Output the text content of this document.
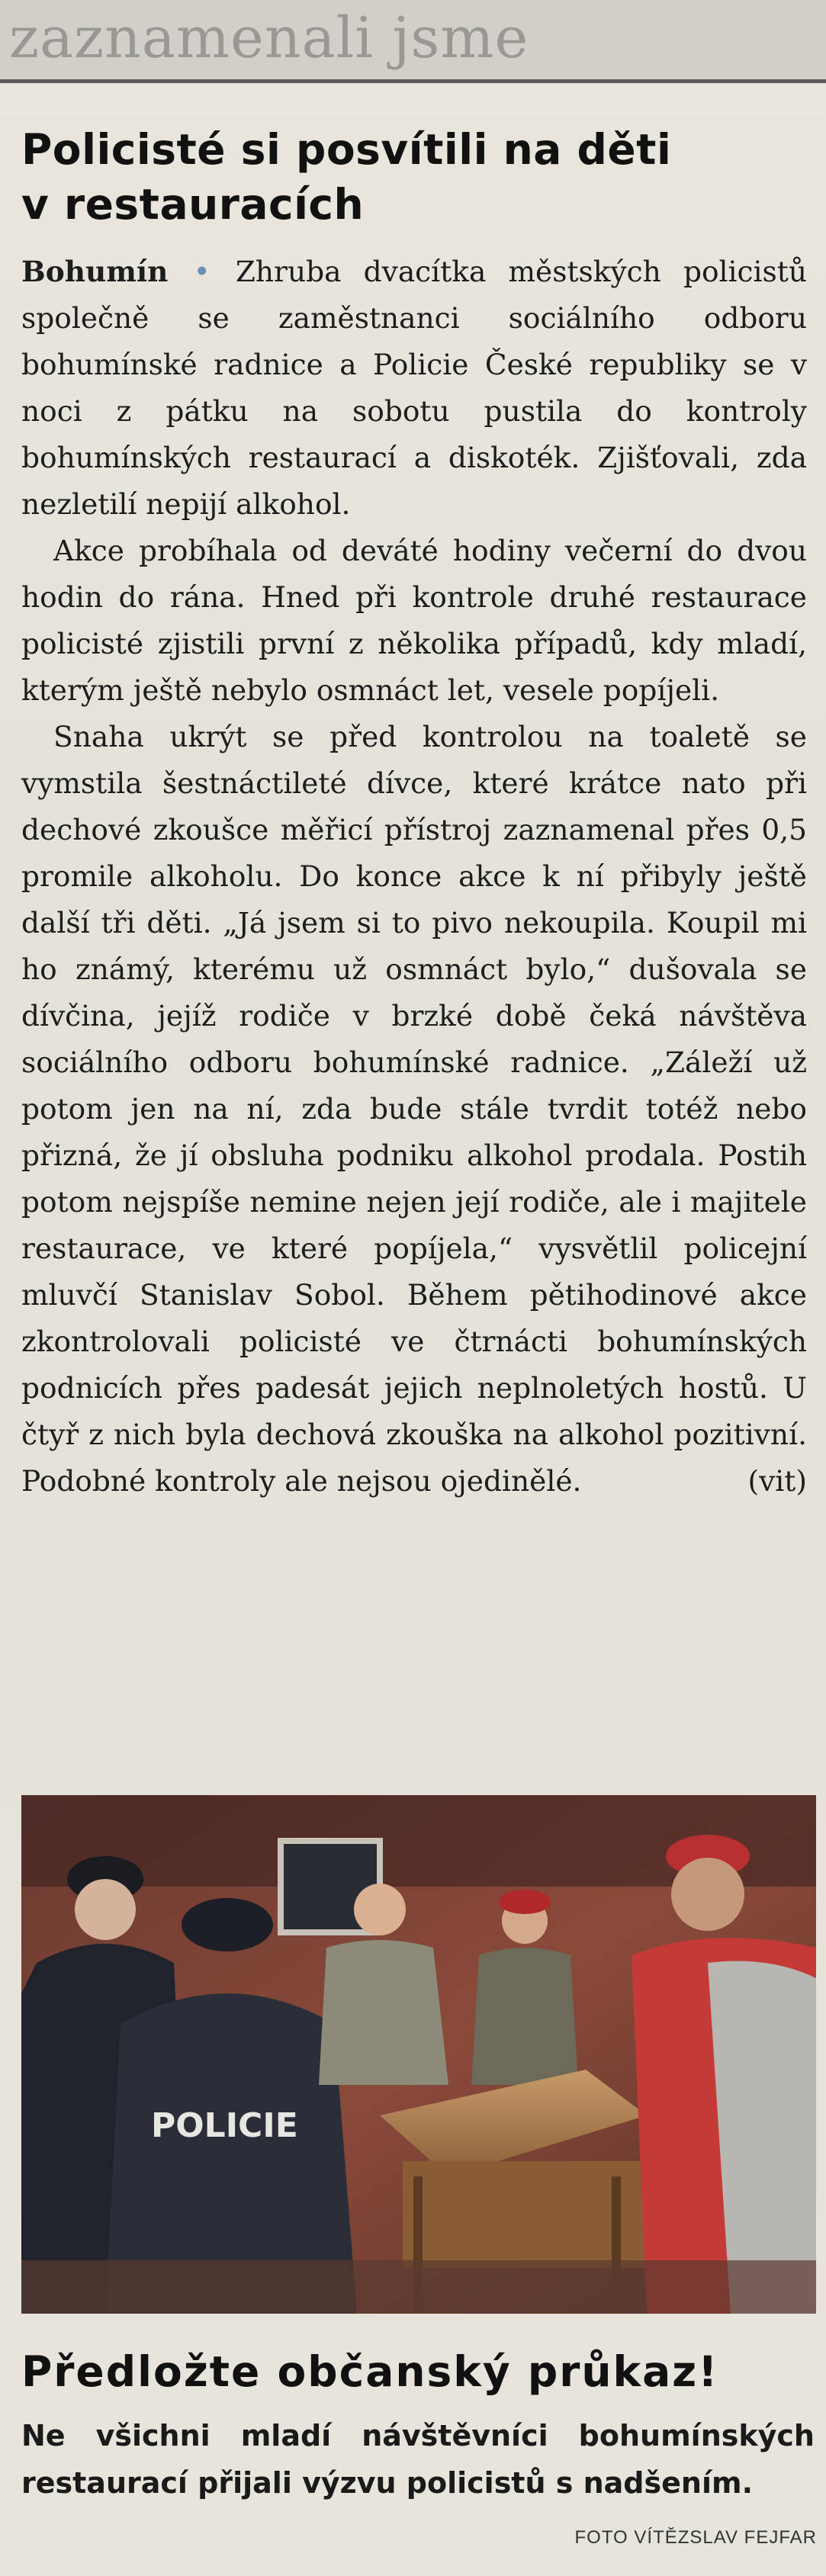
zaznamenali jsme
Policisté si posvítili na děti
v restauracích

Bohumín • Zhruba dvacítka městských policistů společně se zaměstnanci sociálního odboru bohumínské radnice a Policie České republiky se v noci z pátku na sobotu pustila do kontroly bohumínských restaurací a diskoték. Zjišťovali, zda nezletilí nepijí alkohol.

Akce probíhala od deváté hodiny večerní do dvou hodin do rána. Hned při kontrole druhé restaurace policisté zjistili první z několika případů, kdy mladí, kterým ještě nebylo osmnáct let, vesele popíjeli.

Snaha ukrýt se před kontrolou na toaletě se vymstila šestnáctileté dívce, které krátce nato při dechové zkoušce měřicí přístroj zaznamenal přes 0,5 promile alkoholu. Do konce akce k ní přibyly ještě další tři děti. „Já jsem si to pivo nekoupila. Koupil mi ho známý, kterému už osmnáct bylo,“ dušovala se dívčina, jejíž rodiče v brzké době čeká návštěva sociálního odboru bohumínské radnice. „Záleží už potom jen na ní, zda bude stále tvrdit totéž nebo přizná, že jí obsluha podniku alkohol prodala. Postih potom nejspíše nemine nejen její rodiče, ale i majitele restaurace, ve které popíjela,“ vysvětlil policejní mluvčí Stanislav Sobol. Během pětihodinové akce zkontrolovali policisté ve čtrnácti bohumínských podnicích přes padesát jejich neplnoletých hostů. U čtyř z nich byla dechová zkouška na alkohol pozitivní. Podobné kontroly ale nejsou ojedinělé.	(vit)

POLICIE
Předložte občanský průkaz!
Ne všichni mladí návštěvníci bohumínských restaurací přijali výzvu policistů s nadšením.
FOTO VÍTĚZSLAV FEJFAR
